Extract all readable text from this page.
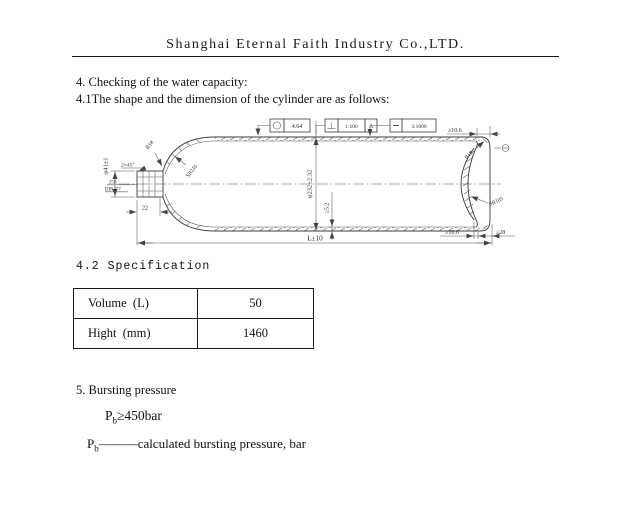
Shanghai Eternal Faith Industry Co.,LTD.
4. Checking of the water capacity:
4.1The shape and the dimension of the cylinder are as follows:
4.64	1:100 A	3:1000
φ232±2.32
≥5.2
L±10
φ41±1 2×45°
R18
SR116
25E
DIN477
22
≥10.6
R18
SR105
≥10.6	≥28
4.2 Specification
Volume  (L)	50
Hight  (mm)	1460
5. Bursting pressure
$P_b\ge 450bar$
$P_b———calculated$ bursting pressure, bar
